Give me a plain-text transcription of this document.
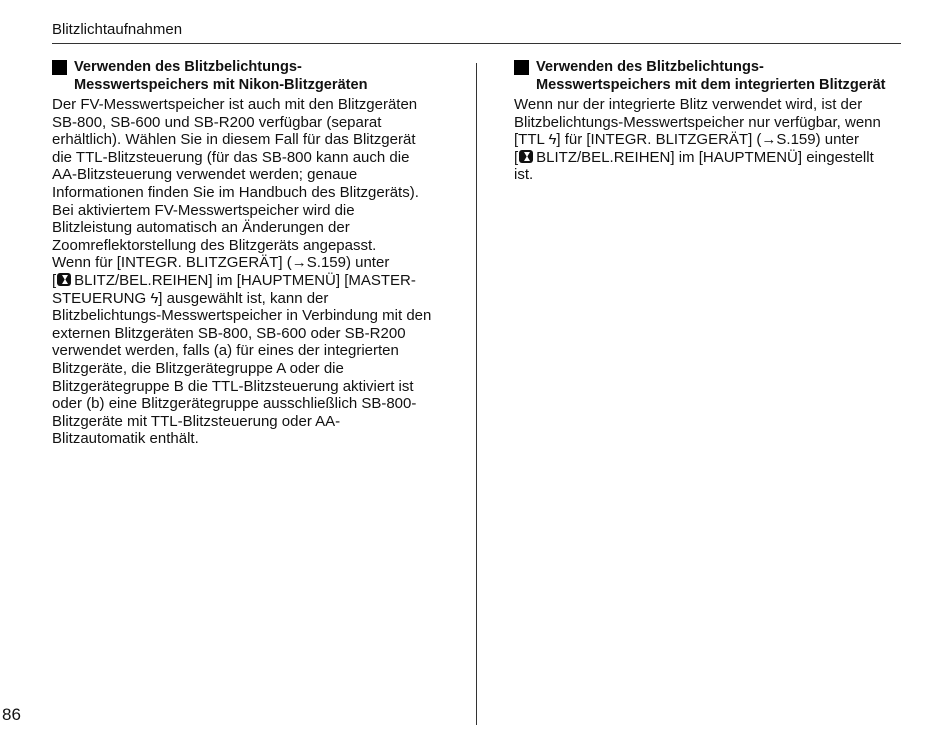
Blitzlichtaufnahmen
Verwenden des Blitzbelichtungs-
Messwertspeichers mit Nikon-Blitzgeräten
Der FV-Messwertspeicher ist auch mit den Blitzgeräten
SB-800, SB-600 und SB-R200 verfügbar (separat
erhältlich). Wählen Sie in diesem Fall für das Blitzgerät
die TTL-Blitzsteuerung (für das SB-800 kann auch die
AA-Blitzsteuerung verwendet werden; genaue
Informationen finden Sie im Handbuch des Blitzgeräts).
Bei aktiviertem FV-Messwertspeicher wird die
Blitzleistung automatisch an Änderungen der
Zoomreflektorstellung des Blitzgeräts angepasst.
Wenn für [INTEGR. BLITZGERÄT] (→S.159) unter
[ BLITZ/BEL.REIHEN] im [HAUPTMENÜ] [MASTER-
STEUERUNG ϟ] ausgewählt ist, kann der
Blitzbelichtungs-Messwertspeicher in Verbindung mit den
externen Blitzgeräten SB-800, SB-600 oder SB-R200
verwendet werden, falls (a) für eines der integrierten
Blitzgeräte, die Blitzgerätegruppe A oder die
Blitzgerätegruppe B die TTL-Blitzsteuerung aktiviert ist
oder (b) eine Blitzgerätegruppe ausschließlich SB-800-
Blitzgeräte mit TTL-Blitzsteuerung oder AA-
Blitzautomatik enthält.
Verwenden des Blitzbelichtungs-
Messwertspeichers mit dem integrierten Blitzgerät
Wenn nur der integrierte Blitz verwendet wird, ist der
Blitzbelichtungs-Messwertspeicher nur verfügbar, wenn
[TTL ϟ] für [INTEGR. BLITZGERÄT] (→S.159) unter
[ BLITZ/BEL.REIHEN] im [HAUPTMENÜ] eingestellt
ist.
86
